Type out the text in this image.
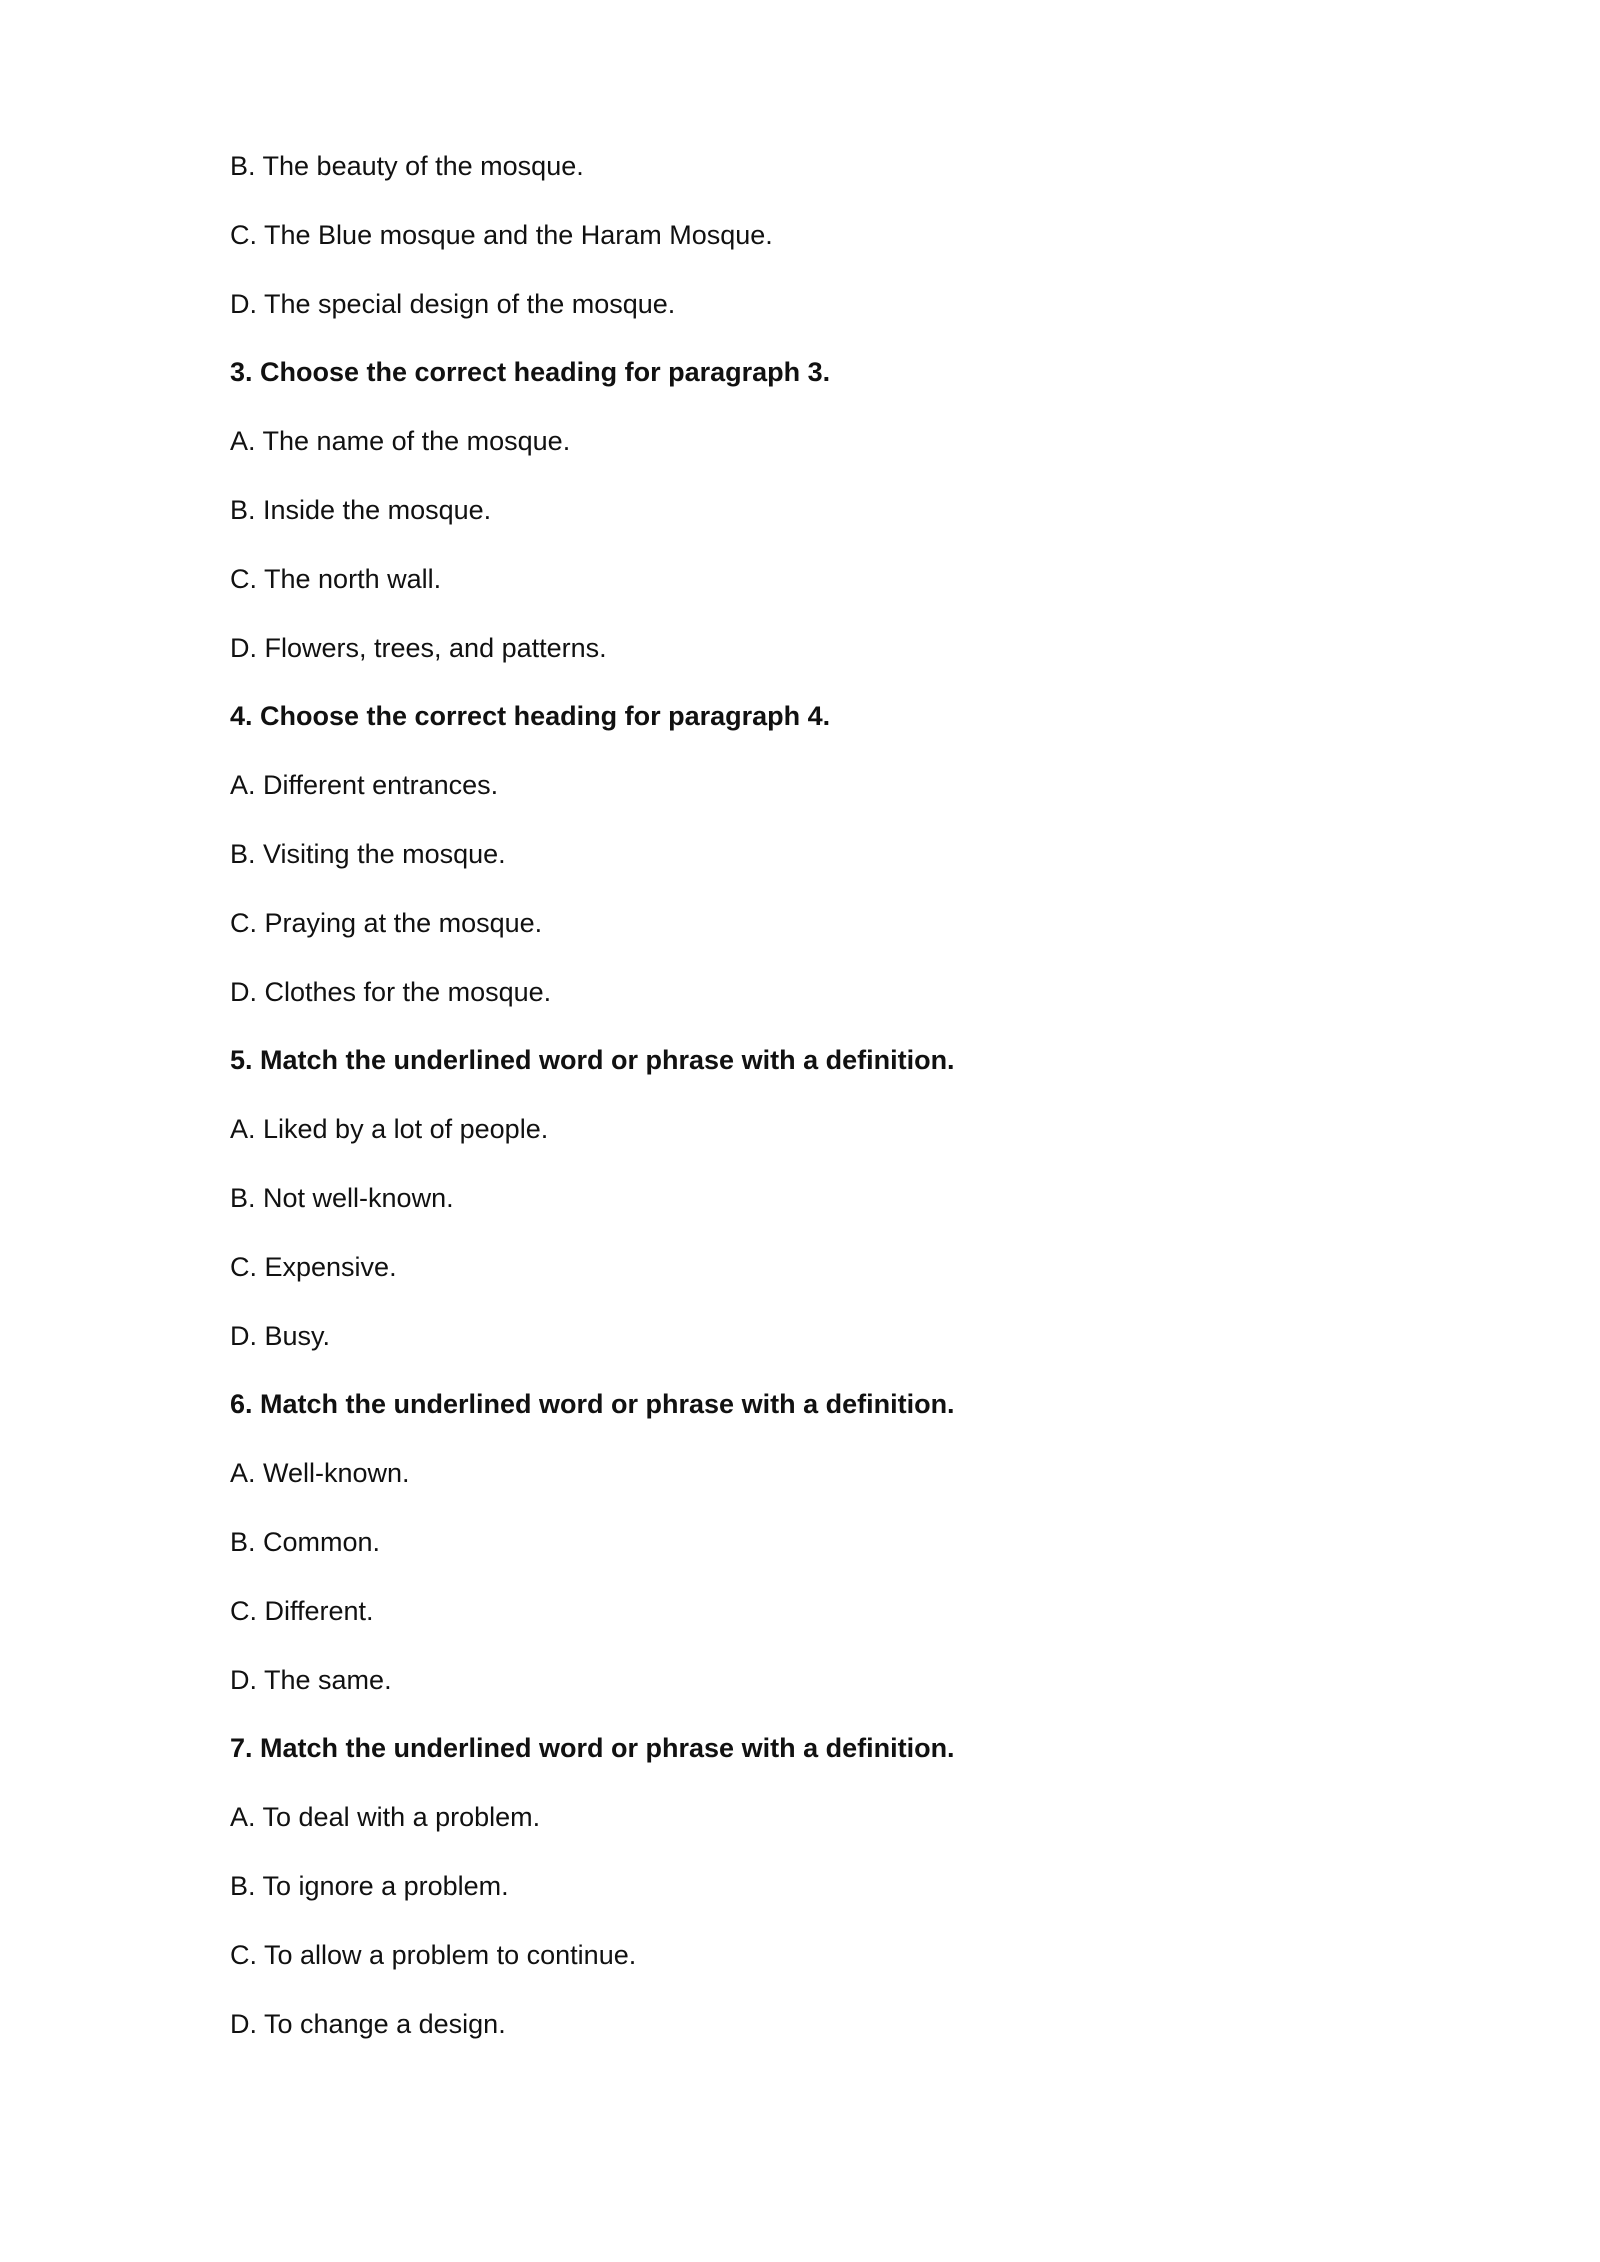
B. The beauty of the mosque.
C. The Blue mosque and the Haram Mosque.
D. The special design of the mosque.
3. Choose the correct heading for paragraph 3.
A. The name of the mosque.
B. Inside the mosque.
C. The north wall.
D. Flowers, trees, and patterns.
4. Choose the correct heading for paragraph 4.
A. Different entrances.
B. Visiting the mosque.
C. Praying at the mosque.
D. Clothes for the mosque.
5. Match the underlined word or phrase with a definition.
A. Liked by a lot of people.
B. Not well-known.
C. Expensive.
D. Busy.
6. Match the underlined word or phrase with a definition.
A. Well-known.
B. Common.
C. Different.
D. The same.
7. Match the underlined word or phrase with a definition.
A. To deal with a problem.
B. To ignore a problem.
C. To allow a problem to continue.
D. To change a design.
